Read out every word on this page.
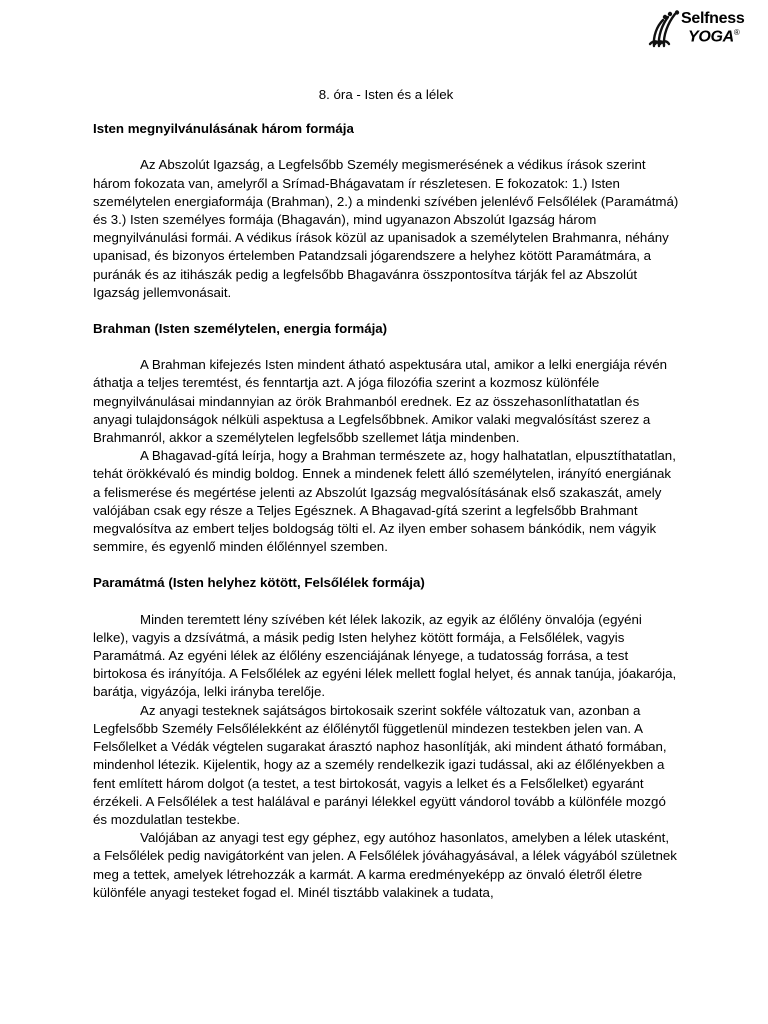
Selfness
YOGA®
8. óra - Isten és a lélek
Isten megnyilvánulásának három formája

Az Abszolút Igazság, a Legfelsőbb Személy megismerésének a védikus írások szerint három fokozata van, amelyről a Srímad-Bhágavatam ír részletesen. E fokozatok: 1.) Isten személytelen energiaformája (Brahman), 2.) a mindenki szívében jelenlévő Felsőlélek (Paramátmá) és 3.) Isten személyes formája (Bhagaván), mind ugyanazon Abszolút Igazság három megnyilvánulási formái. A védikus írások közül az upanisadok a személytelen Brahmanra, néhány upanisad, és bizonyos értelemben Patandzsali jógarendszere a helyhez kötött Paramátmára, a puránák és az itihászák pedig a legfelsőbb Bhagavánra összpontosítva tárják fel az Abszolút Igazság jellemvonásait.

Brahman (Isten személytelen, energia formája)

A Brahman kifejezés Isten mindent átható aspektusára utal, amikor a lelki energiája révén áthatja a teljes teremtést, és fenntartja azt. A jóga filozófia szerint a kozmosz különféle megnyilvánulásai mindannyian az örök Brahmanból erednek. Ez az összehasonlíthatatlan és anyagi tulajdonságok nélküli aspektusa a Legfelsőbbnek. Amikor valaki megvalósítást szerez a Brahmanról, akkor a személytelen legfelsőbb szellemet látja mindenben.

A Bhagavad-gítá leírja, hogy a Brahman természete az, hogy halhatatlan, elpusztíthatatlan, tehát örökkévaló és mindig boldog. Ennek a mindenek felett álló személytelen, irányító energiának a felismerése és megértése jelenti az Abszolút Igazság megvalósításának első szakaszát, amely valójában csak egy része a Teljes Egésznek. A Bhagavad-gítá szerint a legfelsőbb Brahmant megvalósítva az embert teljes boldogság tölti el. Az ilyen ember sohasem bánkódik, nem vágyik semmire, és egyenlő minden élőlénnyel szemben.

Paramátmá (Isten helyhez kötött, Felsőlélek formája)

Minden teremtett lény szívében két lélek lakozik, az egyik az élőlény önvalója (egyéni lelke), vagyis a dzsívátmá, a másik pedig Isten helyhez kötött formája, a Felsőlélek, vagyis Paramátmá. Az egyéni lélek az élőlény eszenciájának lényege, a tudatosság forrása, a test birtokosa és irányítója. A Felsőlélek az egyéni lélek mellett foglal helyet, és annak tanúja, jóakarója, barátja, vigyázója, lelki irányba terelője.

Az anyagi testeknek sajátságos birtokosaik szerint sokféle változatuk van, azonban a Legfelsőbb Személy Felsőlélekként az élőlénytől függetlenül mindezen testekben jelen van. A Felsőlelket a Védák végtelen sugarakat árasztó naphoz hasonlítják, aki mindent átható formában, mindenhol létezik. Kijelentik, hogy az a személy rendelkezik igazi tudással, aki az élőlényekben a fent említett három dolgot (a testet, a test birtokosát, vagyis a lelket és a Felsőlelket) egyaránt érzékeli. A Felsőlélek a test halálával e parányi lélekkel együtt vándorol tovább a különféle mozgó és mozdulatlan testekbe.

Valójában az anyagi test egy géphez, egy autóhoz hasonlatos, amelyben a lélek utasként, a Felsőlélek pedig navigátorként van jelen. A Felsőlélek jóváhagyásával, a lélek vágyából születnek meg a tettek, amelyek létrehozzák a karmát. A karma eredményeképp az önvaló életről életre különféle anyagi testeket fogad el. Minél tisztább valakinek a tudata,
